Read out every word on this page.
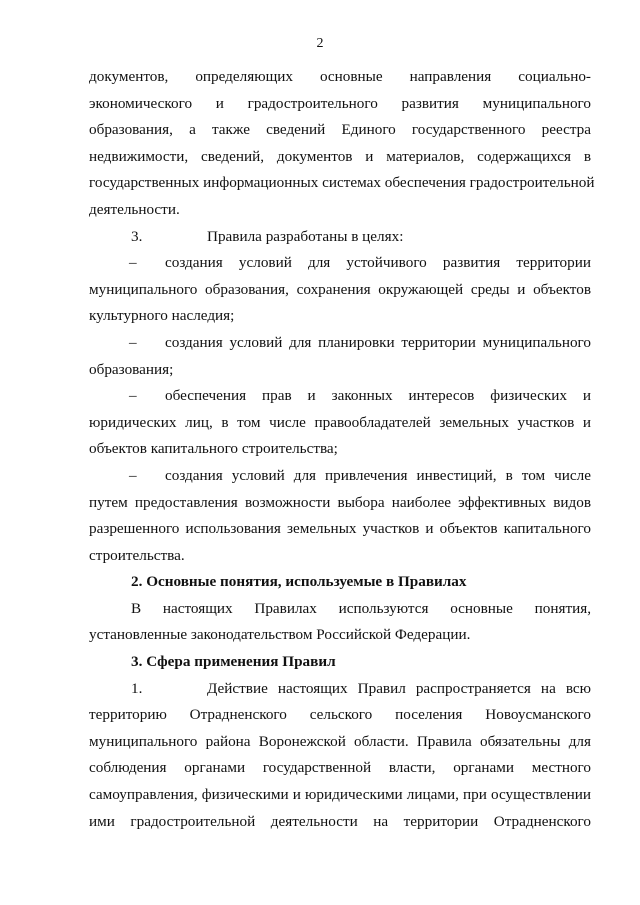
2
документов, определяющих основные направления социально-
экономического и градостроительного развития муниципального
образования, а также сведений Единого государственного реестра
недвижимости, сведений, документов и материалов, содержащихся в
государственных информационных системах обеспечения градостроительной
деятельности.
3.	Правила разработаны в целях:
–	создания условий для устойчивого развития территории
муниципального образования, сохранения окружающей среды и объектов
культурного наследия;
–	создания условий для планировки территории муниципального
образования;
–	обеспечения прав и законных интересов физических и
юридических лиц, в том числе правообладателей земельных участков и
объектов капитального строительства;
–	создания условий для привлечения инвестиций, в том числе
путем предоставления возможности выбора наиболее эффективных видов
разрешенного использования земельных участков и объектов капитального
строительства.
2. Основные понятия, используемые в Правилах
В настоящих Правилах используются основные понятия,
установленные законодательством Российской Федерации.
3. Сфера применения Правил
1.	Действие настоящих Правил распространяется на всю
территорию Отрадненского сельского поселения Новоусманского
муниципального района Воронежской области. Правила обязательны для
соблюдения органами государственной власти, органами местного
самоуправления, физическими и юридическими лицами, при осуществлении
ими градостроительной деятельности на территории Отрадненского
